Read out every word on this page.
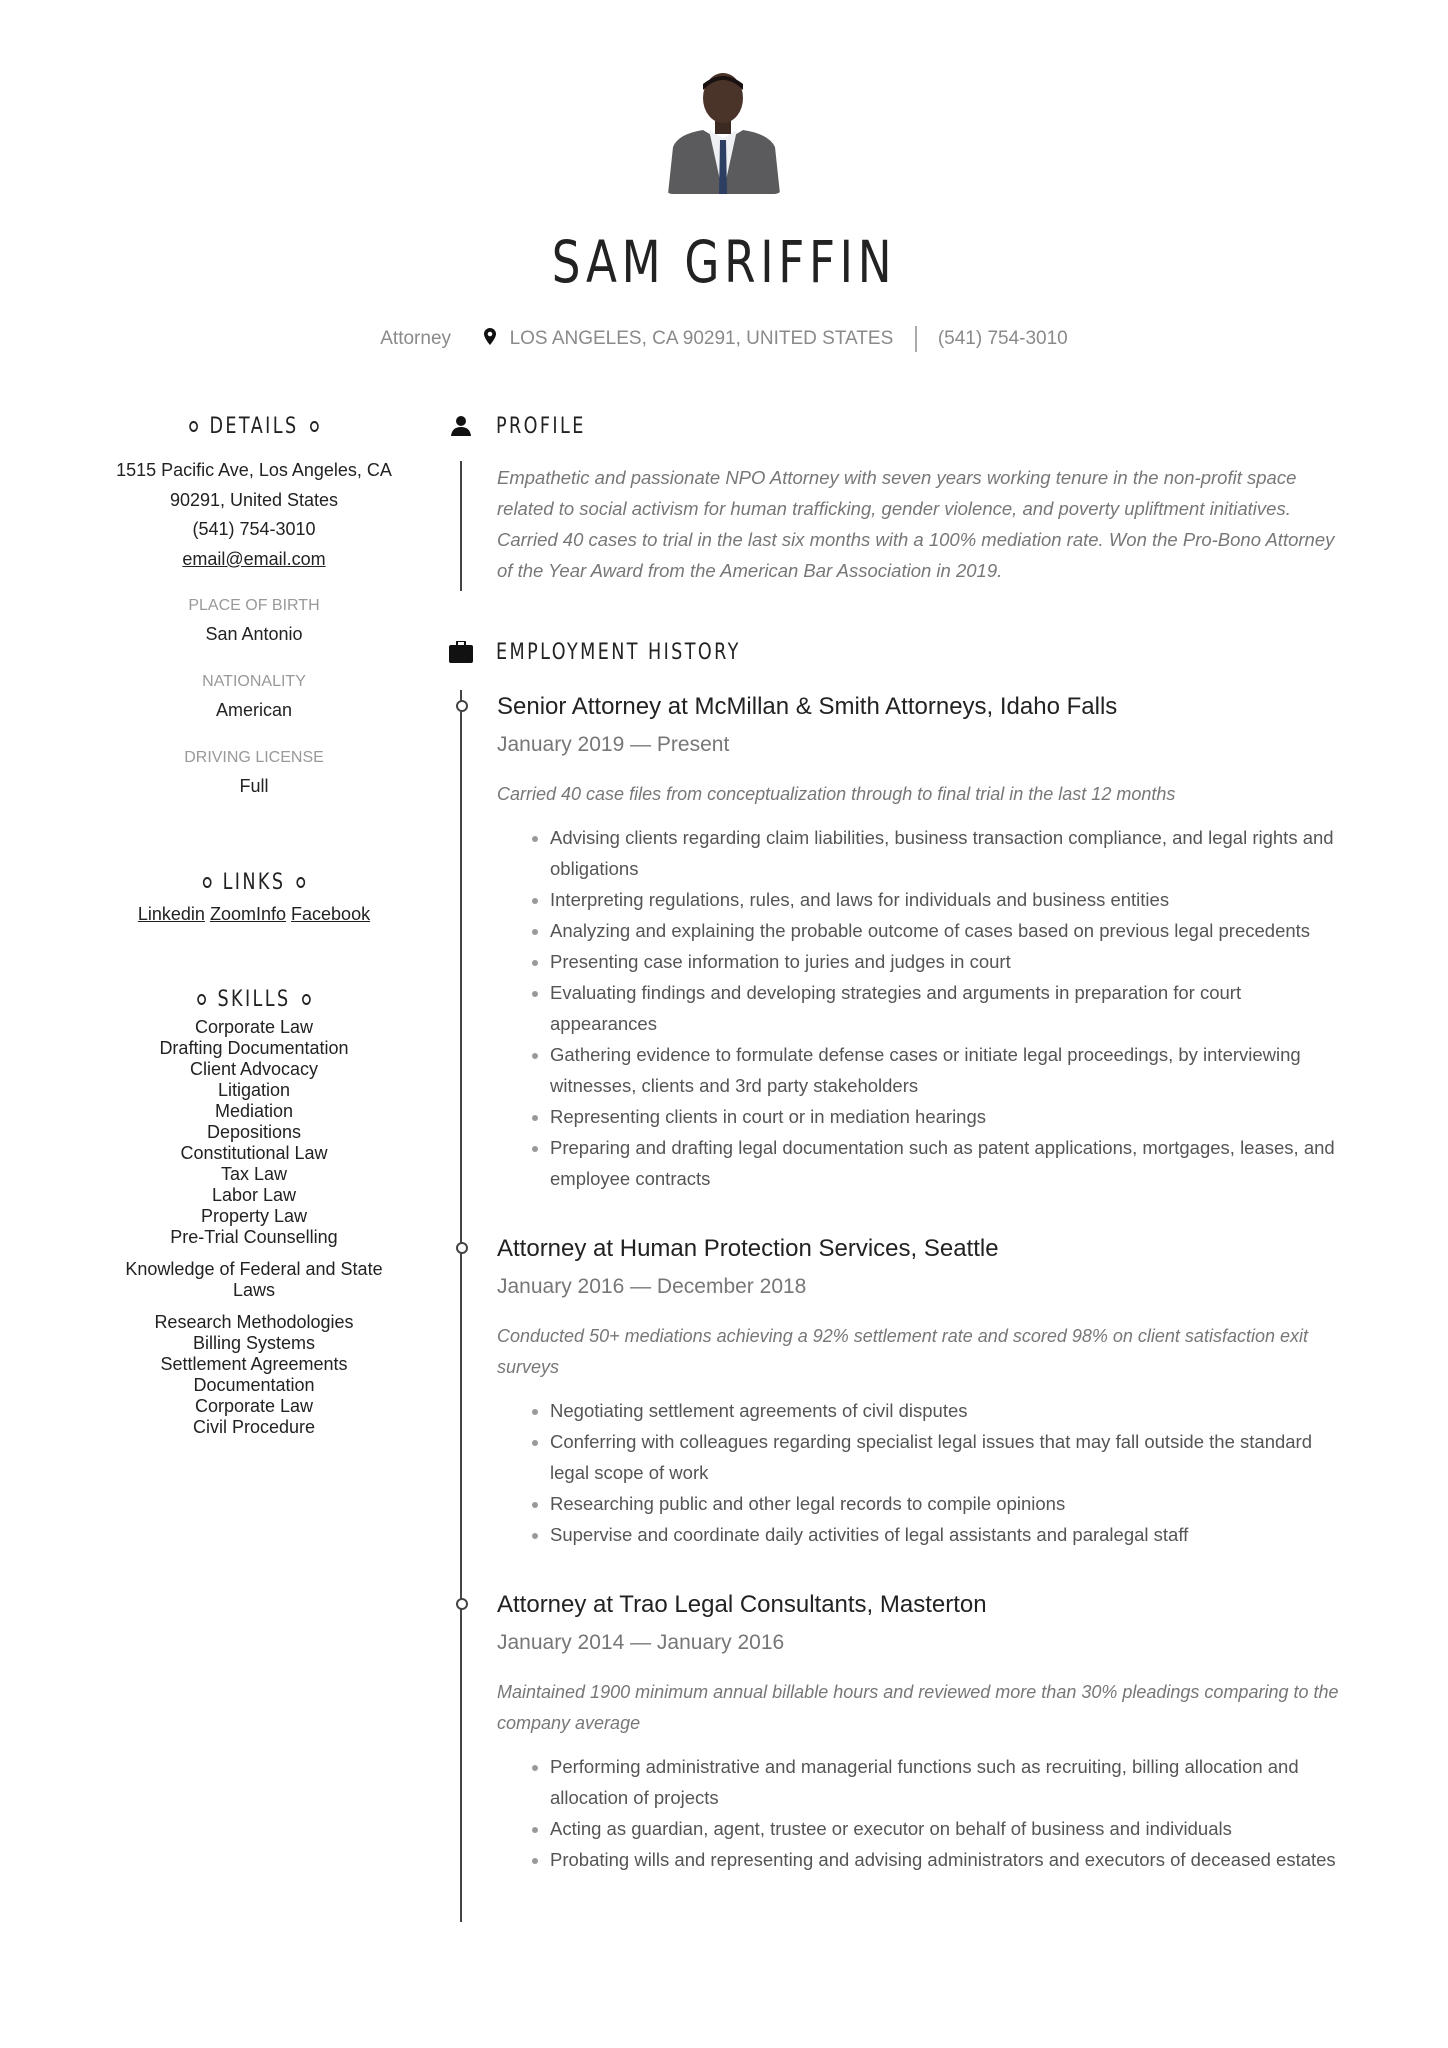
SAM GRIFFIN
Attorney	LOS ANGELES, CA 90291, UNITED STATES (541) 754-3010
DETAILS
1515 Pacific Ave, Los Angeles, CA
90291, United States
(541) 754-3010
email@email.com
PLACE OF BIRTH
San Antonio
NATIONALITY
American
DRIVING LICENSE
Full
LINKS
Linkedin ZoomInfo Facebook
SKILLS
Corporate Law
Drafting Documentation
Client Advocacy
Litigation
Mediation
Depositions
Constitutional Law
Tax Law
Labor Law
Property Law
Pre-Trial Counselling
Knowledge of Federal and State Laws
Research Methodologies
Billing Systems
Settlement Agreements
Documentation
Corporate Law
Civil Procedure
PROFILE

Empathetic and passionate NPO Attorney with seven years working tenure in the non-profit space related to social activism for human trafficking, gender violence, and poverty upliftment initiatives. Carried 40 cases to trial in the last six months with a 100% mediation rate. Won the Pro-Bono Attorney of the Year Award from the American Bar Association in 2019.

EMPLOYMENT HISTORY
Senior Attorney at McMillan & Smith Attorneys, Idaho Falls
January 2019 — Present
Carried 40 case files from conceptualization through to final trial in the last 12 months
• Advising clients regarding claim liabilities, business transaction compliance, and legal rights and obligations
• Interpreting regulations, rules, and laws for individuals and business entities
• Analyzing and explaining the probable outcome of cases based on previous legal precedents
• Presenting case information to juries and judges in court
• Evaluating findings and developing strategies and arguments in preparation for court appearances
• Gathering evidence to formulate defense cases or initiate legal proceedings, by interviewing witnesses, clients and 3rd party stakeholders
• Representing clients in court or in mediation hearings
• Preparing and drafting legal documentation such as patent applications, mortgages, leases, and employee contracts
Attorney at Human Protection Services, Seattle
January 2016 — December 2018
Conducted 50+ mediations achieving a 92% settlement rate and scored 98% on client satisfaction exit surveys
• Negotiating settlement agreements of civil disputes
• Conferring with colleagues regarding specialist legal issues that may fall outside the standard legal scope of work
• Researching public and other legal records to compile opinions
• Supervise and coordinate daily activities of legal assistants and paralegal staff
Attorney at Trao Legal Consultants, Masterton
January 2014 — January 2016
Maintained 1900 minimum annual billable hours and reviewed more than 30% pleadings comparing to the company average
• Performing administrative and managerial functions such as recruiting, billing allocation and allocation of projects
• Acting as guardian, agent, trustee or executor on behalf of business and individuals
• Probating wills and representing and advising administrators and executors of deceased estates
